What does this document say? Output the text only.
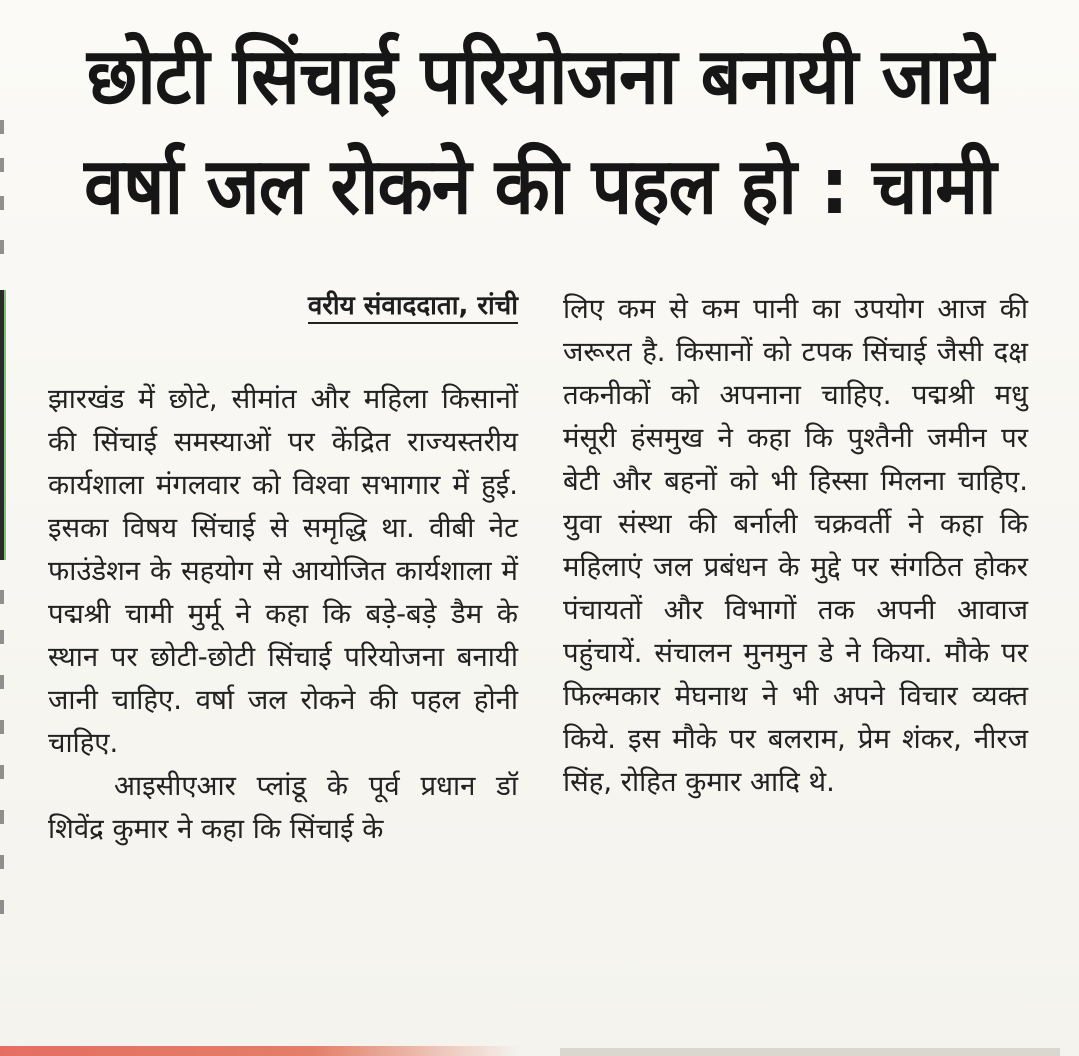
छोटी सिंचाई परियोजना बनायी जाये
वर्षा जल रोकने की पहल हो : चामी
वरीय संवाददाता, रांची

झारखंड में छोटे, सीमांत और महिला किसानों की सिंचाई समस्याओं पर केंद्रित राज्यस्तरीय कार्यशाला मंगलवार को विश्वा सभागार में हुई. इसका विषय सिंचाई से समृद्धि था. वीबी नेट फाउंडेशन के सहयोग से आयोजित कार्यशाला में पद्मश्री चामी मुर्मू ने कहा कि बड़े-बड़े डैम के स्थान पर छोटी-छोटी सिंचाई परियोजना बनायी जानी चाहिए. वर्षा जल रोकने की पहल होनी चाहिए.

आइसीएआर प्लांडू के पूर्व प्रधान डॉ शिवेंद्र कुमार ने कहा कि सिंचाई के

लिए कम से कम पानी का उपयोग आज की जरूरत है. किसानों को टपक सिंचाई जैसी दक्ष तकनीकों को अपनाना चाहिए. पद्मश्री मधु मंसूरी हंसमुख ने कहा कि पुश्तैनी जमीन पर बेटी और बहनों को भी हिस्सा मिलना चाहिए. युवा संस्था की बर्नाली चक्रवर्ती ने कहा कि महिलाएं जल प्रबंधन के मुद्दे पर संगठित होकर पंचायतों और विभागों तक अपनी आवाज पहुंचायें. संचालन मुनमुन डे ने किया. मौके पर फिल्मकार मेघनाथ ने भी अपने विचार व्यक्त किये. इस मौके पर बलराम, प्रेम शंकर, नीरज सिंह, रोहित कुमार आदि थे.
